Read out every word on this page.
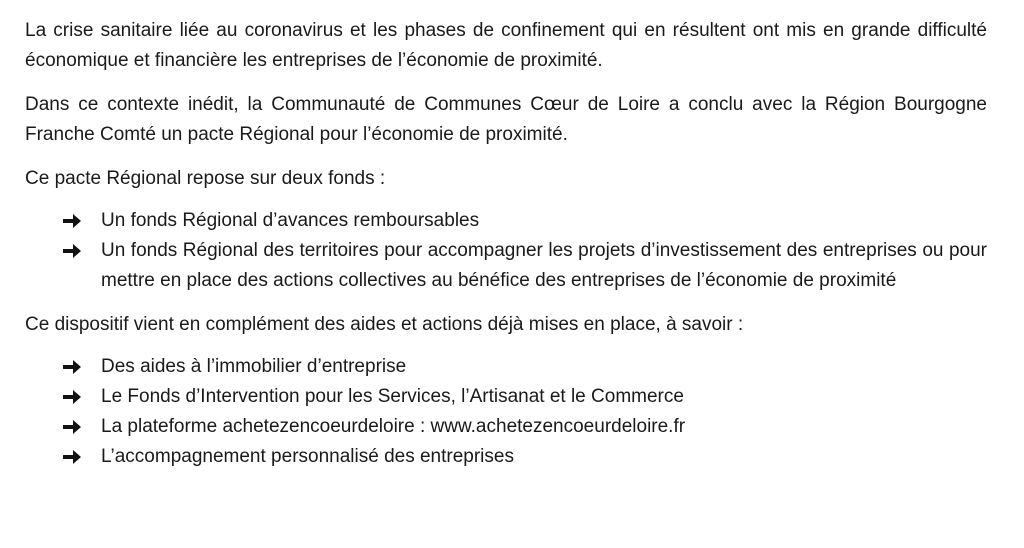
La crise sanitaire liée au coronavirus et les phases de confinement qui en résultent ont mis en grande difficulté économique et financière les entreprises de l’économie de proximité.

Dans ce contexte inédit, la Communauté de Communes Cœur de Loire a conclu avec la Région Bourgogne Franche Comté un pacte Régional pour l’économie de proximité.

Ce pacte Régional repose sur deux fonds :

Un fonds Régional d’avances remboursables
Un fonds Régional des territoires pour accompagner les projets d’investissement des entreprises ou pour mettre en place des actions collectives au bénéfice des entreprises de l’économie de proximité

Ce dispositif vient en complément des aides et actions déjà mises en place, à savoir :

Des aides à l’immobilier d’entreprise
Le Fonds d’Intervention pour les Services, l’Artisanat et le Commerce
La plateforme achetezencoeurdeloire : www.achetezencoeurdeloire.fr
L’accompagnement personnalisé des entreprises
